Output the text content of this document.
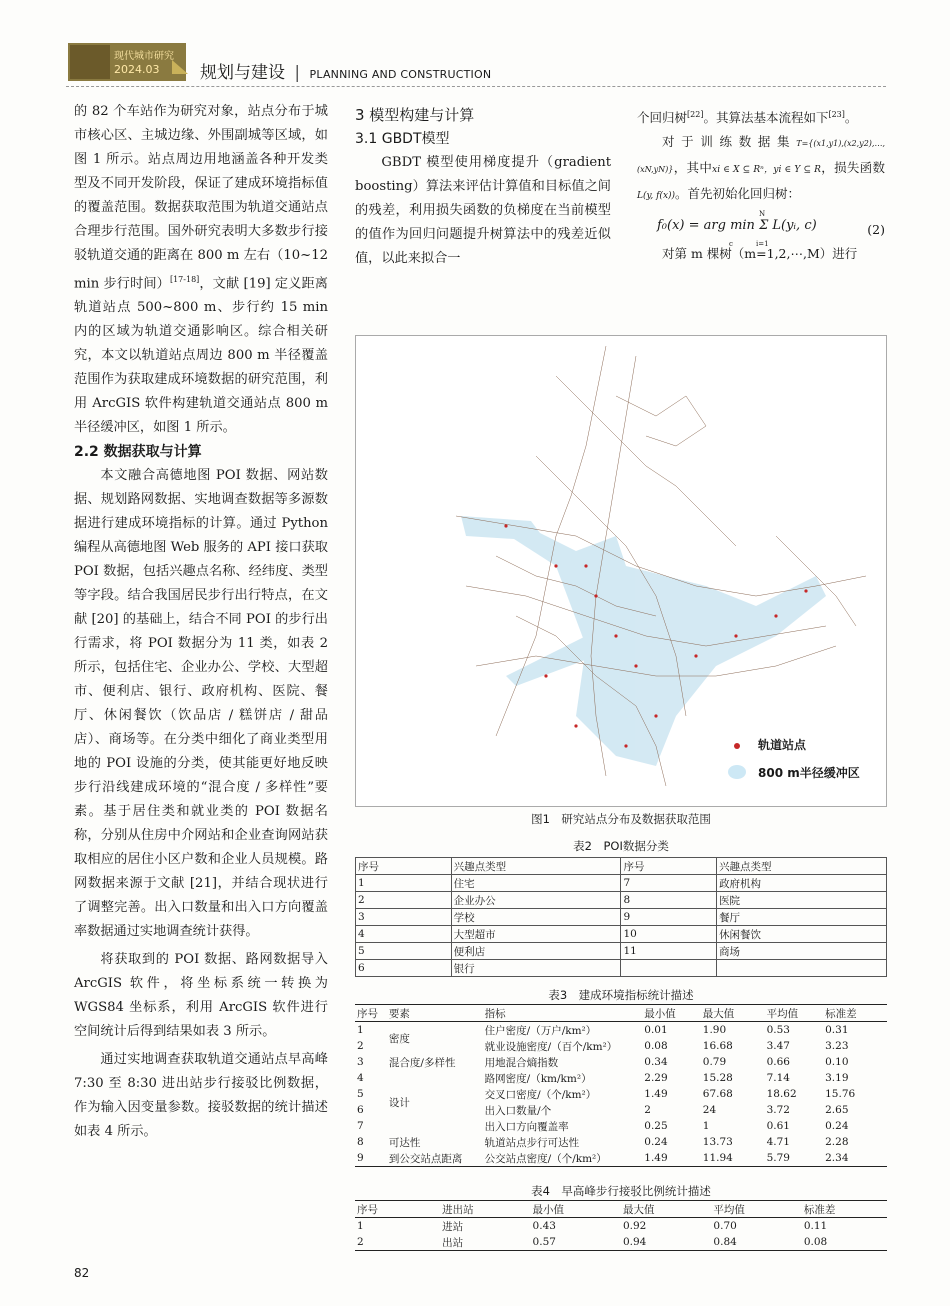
现代城市研究
2024.03 规划与建设 | PLANNING AND CONSTRUCTION

的 82 个车站作为研究对象，站点分布于城市核心区、主城边缘、外围副城等区域，如图 1 所示。站点周边用地涵盖各种开发类型及不同开发阶段，保证了建成环境指标值的覆盖范围。数据获取范围为轨道交通站点合理步行范围。国外研究表明大多数步行接驳轨道交通的距离在 800 m 左右（10~12 min 步行时间）[17-18]，文献 [19] 定义距离轨道站点 500~800 m、步行约 15 min 内的区域为轨道交通影响区。综合相关研究，本文以轨道站点周边 800 m 半径覆盖范围作为获取建成环境数据的研究范围，利用 ArcGIS 软件构建轨道交通站点 800 m 半径缓冲区，如图 1 所示。

2.2 数据获取与计算

本文融合高德地图 POI 数据、网站数据、规划路网数据、实地调查数据等多源数据进行建成环境指标的计算。通过 Python 编程从高德地图 Web 服务的 API 接口获取 POI 数据，包括兴趣点名称、经纬度、类型等字段。结合我国居民步行出行特点，在文献 [20] 的基础上，结合不同 POI 的步行出行需求，将 POI 数据分为 11 类，如表 2 所示，包括住宅、企业办公、学校、大型超市、便利店、银行、政府机构、医院、餐厅、休闲餐饮（饮品店 / 糕饼店 / 甜品店）、商场等。在分类中细化了商业类型用地的 POI 设施的分类，使其能更好地反映步行沿线建成环境的“混合度 / 多样性”要素。基于居住类和就业类的 POI 数据名称，分别从住房中介网站和企业查询网站获取相应的居住小区户数和企业人员规模。路网数据来源于文献 [21]，并结合现状进行了调整完善。出入口数量和出入口方向覆盖率数据通过实地调查统计获得。

将获取到的 POI 数据、路网数据导入 ArcGIS 软件，将坐标系统一转换为 WGS84 坐标系，利用 ArcGIS 软件进行空间统计后得到结果如表 3 所示。

通过实地调查获取轨道交通站点早高峰 7:30 至 8:30 进出站步行接驳比例数据，作为输入因变量参数。接驳数据的统计描述如表 4 所示。

3 模型构建与计算

3.1 GBDT模型

GBDT 模型使用梯度提升（gradient boosting）算法来评估计算值和目标值之间的残差，利用损失函数的负梯度在当前模型的值作为回归问题提升树算法中的残差近似值，以此来拟合一

个回归树[22]。其算法基本流程如下[23]。

对于训练数据集T={(x1,y1),(x2,y2),…,(xN,yN)}，其中xi ∈ X ⊆ Rⁿ，yi ∈ Y ⊆ R，损失函数L(y, f(x))。首先初始化回归树：

f₀(x) = arg min Σ L(yᵢ, c)
N
i=1
c
(2)

对第 m 棵树（m=1,2,⋯,M）进行

轨道站点
800 m半径缓冲区
图1　研究站点分布及数据获取范围
表2　POI数据分类
序号	兴趣点类型	序号	兴趣点类型
1	住宅	7	政府机构
2	企业办公	8	医院
3	学校	9	餐厅
4	大型超市	10	休闲餐饮
5	便利店	11	商场
6	银行		
表3　建成环境指标统计描述
序号	要素	指标	最小值	最大值	平均值	标准差
1	密度	住户密度/（万户/km²）	0.01	1.90	0.53	0.31
2		就业设施密度/（百个/km²）	0.08	16.68	3.47	3.23
3	混合度/多样性	用地混合熵指数	0.34	0.79	0.66	0.10
4	设计	路网密度/（km/km²）	2.29	15.28	7.14	3.19
5		交叉口密度/（个/km²）	1.49	67.68	18.62	15.76
6		出入口数量/个	2	24	3.72	2.65
7		出入口方向覆盖率	0.25	1	0.61	0.24
8	可达性	轨道站点步行可达性	0.24	13.73	4.71	2.28
9	到公交站点距离	公交站点密度/（个/km²）	1.49	11.94	5.79	2.34
表4　早高峰步行接驳比例统计描述
序号	进出站	最小值	最大值	平均值	标准差
1	进站	0.43	0.92	0.70	0.11
2	出站	0.57	0.94	0.84	0.08
82
